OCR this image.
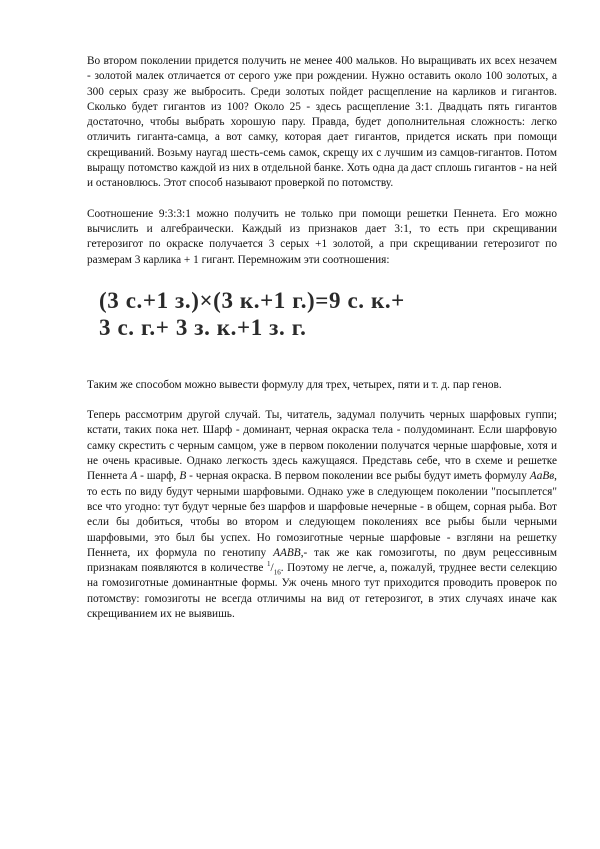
Во втором поколении придется получить не менее 400 мальков. Но выращивать их всех незачем - золотой малек отличается от серого уже при рождении. Нужно оставить около 100 золотых, а 300 серых сразу же выбросить. Среди золотых пойдет расщепление на карликов и гигантов. Сколько будет гигантов из 100? Около 25 - здесь расщепление 3:1. Двадцать пять гигантов достаточно, чтобы выбрать хорошую пару. Правда, будет дополнительная сложность: легко отличить гиганта-самца, а вот самку, которая дает гигантов, придется искать при помощи скрещиваний. Возьму наугад шесть-семь самок, скрещу их с лучшим из самцов-гигантов. Потом выращу потомство каждой из них в отдельной банке. Хоть одна да даст сплошь гигантов - на ней и остановлюсь. Этот способ называют проверкой по потомству.

Соотношение 9:3:3:1 можно получить не только при помощи решетки Пеннета. Его можно вычислить и алгебраически. Каждый из признаков дает 3:1, то есть при скрещивании гетерозигот по окраске получается 3 серых +1 золотой, а при скрещивании гетерозигот по размерам 3 карлика + 1 гигант. Перемножим эти соотношения:

(3 с.+1 з.)×(3 к.+1 г.)=9 с. к.+
3 с. г.+ 3 з. к.+1 з. г.

Таким же способом можно вывести формулу для трех, четырех, пяти и т. д. пар генов.

Теперь рассмотрим другой случай. Ты, читатель, задумал получить черных шарфовых гуппи; кстати, таких пока нет. Шарф - доминант, черная окраска тела - полудоминант. Если шарфовую самку скрестить с черным самцом, уже в первом поколении получатся черные шарфовые, хотя и не очень красивые. Однако легкость здесь кажущаяся. Представь себе, что в схеме и решетке Пеннета A - шарф, B - черная окраска. В первом поколении все рыбы будут иметь формулу AaBв, то есть по виду будут черными шарфовыми. Однако уже в следующем поколении "посыплется" все что угодно: тут будут черные без шарфов и шарфовые нечерные - в общем, сорная рыба. Вот если бы добиться, чтобы во втором и следующем поколениях все рыбы были черными шарфовыми, это был бы успех. Но гомозиготные черные шарфовые - взгляни на решетку Пеннета, их формула по генотипу AABB,- так же как гомозиготы, по двум рецессивным признакам появляются в количестве $^1/_{16}$. Поэтому не легче, а, пожалуй, труднее вести селекцию на гомозиготные доминантные формы. Уж очень много тут приходится проводить проверок по потомству: гомозиготы не всегда отличимы на вид от гетерозигот, в этих случаях иначе как скрещиванием их не выявишь.
